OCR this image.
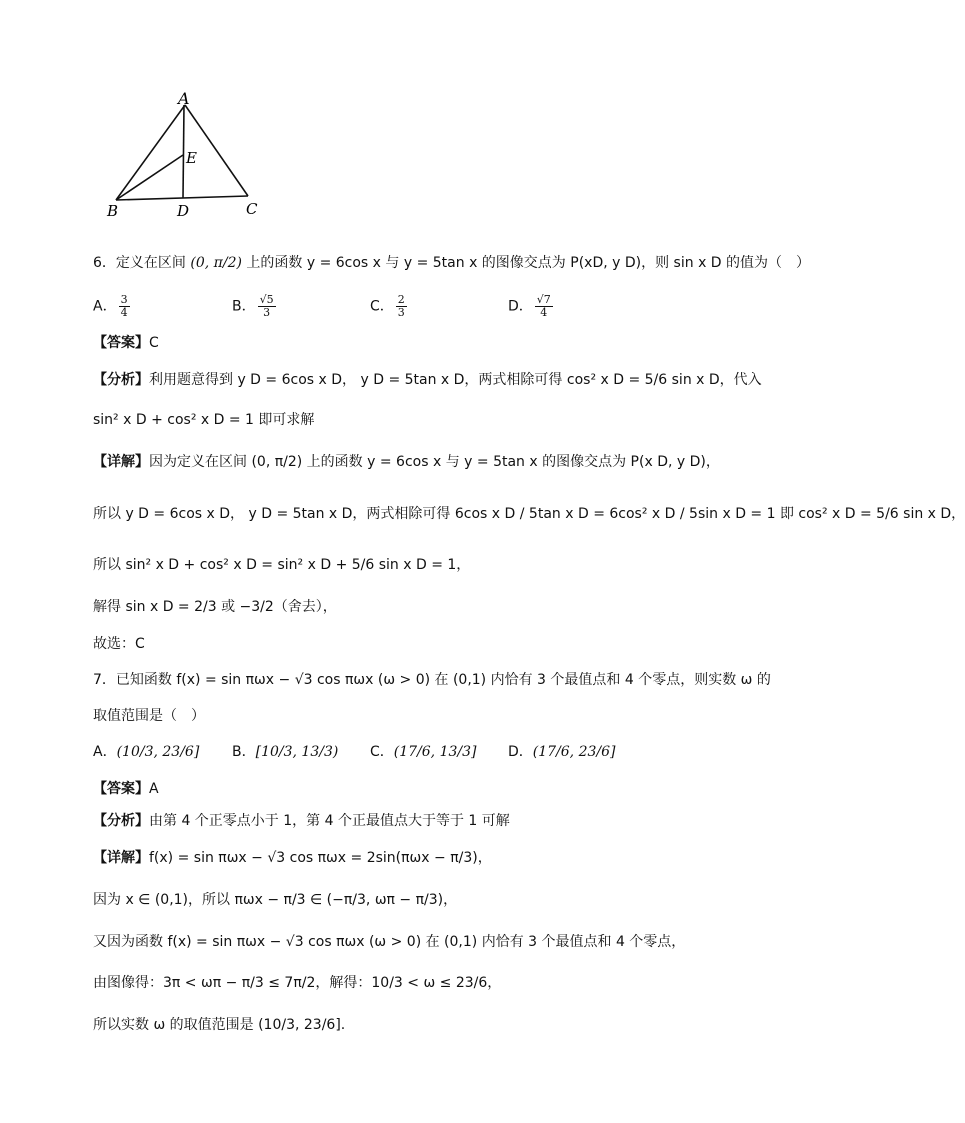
A
E
B	D	C
6．定义在区间 (0, π/2) 上的函数 y = 6cos x 与 y = 5tan x 的图像交点为 P(xD, y D)，则 sin x D 的值为（　）
A． $\frac{3}{4}$	B． $\frac{√5}{3}$	C． $\frac{2}{3}$	D． $\frac{√7}{4}$
【答案】C
【分析】利用题意得到 y D = 6cos x D， y D = 5tan x D，两式相除可得 cos² x D = 5/6 sin x D，代入
sin² x D + cos² x D = 1 即可求解
【详解】因为定义在区间 (0, π/2) 上的函数 y = 6cos x 与 y = 5tan x 的图像交点为 P(x D, y D)，
所以 y D = 6cos x D， y D = 5tan x D，两式相除可得 6cos x D / 5tan x D = 6cos² x D / 5sin x D = 1 即 cos² x D = 5/6 sin x D，
所以 sin² x D + cos² x D = sin² x D + 5/6 sin x D = 1，
解得 sin x D = 2/3 或 −3/2（舍去），
故选：C
7．已知函数 f(x) = sin πωx − √3 cos πωx (ω > 0) 在 (0,1) 内恰有 3 个最值点和 4 个零点，则实数 ω 的
取值范围是（　）
A．(10/3, 23/6] B．[10/3, 13/3) C．(17/6, 13/3] D．(17/6, 23/6]
【答案】A
【分析】由第 4 个正零点小于 1，第 4 个正最值点大于等于 1 可解
【详解】f(x) = sin πωx − √3 cos πωx = 2sin(πωx − π/3)，
因为 x ∈ (0,1)，所以 πωx − π/3 ∈ (−π/3, ωπ − π/3)，
又因为函数 f(x) = sin πωx − √3 cos πωx (ω > 0) 在 (0,1) 内恰有 3 个最值点和 4 个零点，
由图像得：3π < ωπ − π/3 ≤ 7π/2，解得：10/3 < ω ≤ 23/6，
所以实数 ω 的取值范围是 (10/3, 23/6].
